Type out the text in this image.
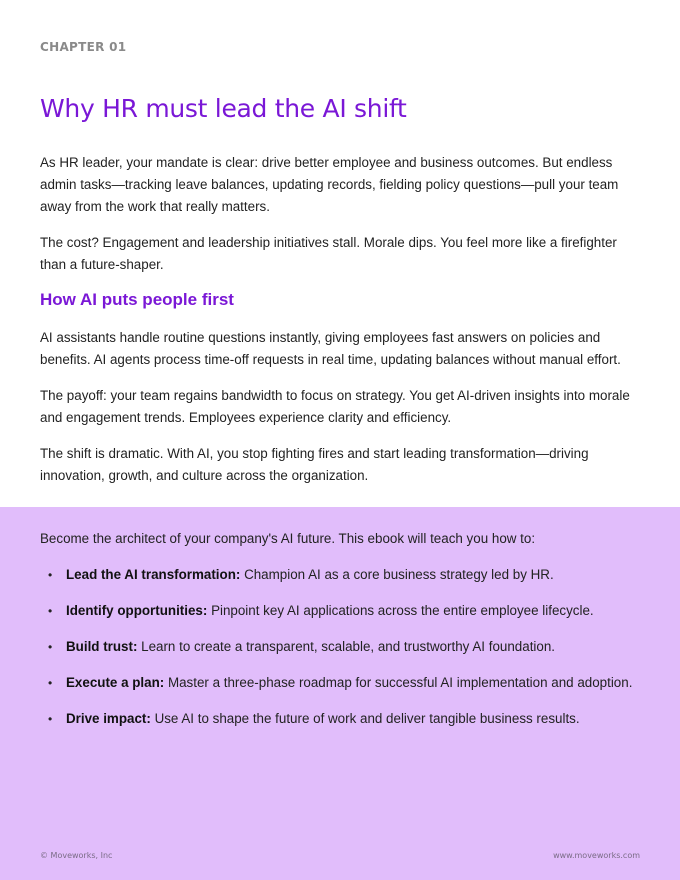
CHAPTER 01
Why HR must lead the AI shift

As HR leader, your mandate is clear: drive better employee and business outcomes. But endless admin tasks—tracking leave balances, updating records, fielding policy questions—pull your team away from the work that really matters.

The cost? Engagement and leadership initiatives stall. Morale dips. You feel more like a firefighter than a future-shaper.

How AI puts people first

AI assistants handle routine questions instantly, giving employees fast answers on policies and benefits. AI agents process time-off requests in real time, updating balances without manual effort.

The payoff: your team regains bandwidth to focus on strategy. You get AI-driven insights into morale and engagement trends. Employees experience clarity and efficiency.

The shift is dramatic. With AI, you stop fighting fires and start leading transformation—driving innovation, growth, and culture across the organization.

Become the architect of your company's AI future. This ebook will teach you how to:

• Lead the AI transformation: Champion AI as a core business strategy led by HR.
• Identify opportunities: Pinpoint key AI applications across the entire employee lifecycle.
• Build trust: Learn to create a transparent, scalable, and trustworthy AI foundation.
• Execute a plan: Master a three-phase roadmap for successful AI implementation and adoption.
• Drive impact: Use AI to shape the future of work and deliver tangible business results.
© Moveworks, Inc	www.moveworks.com
